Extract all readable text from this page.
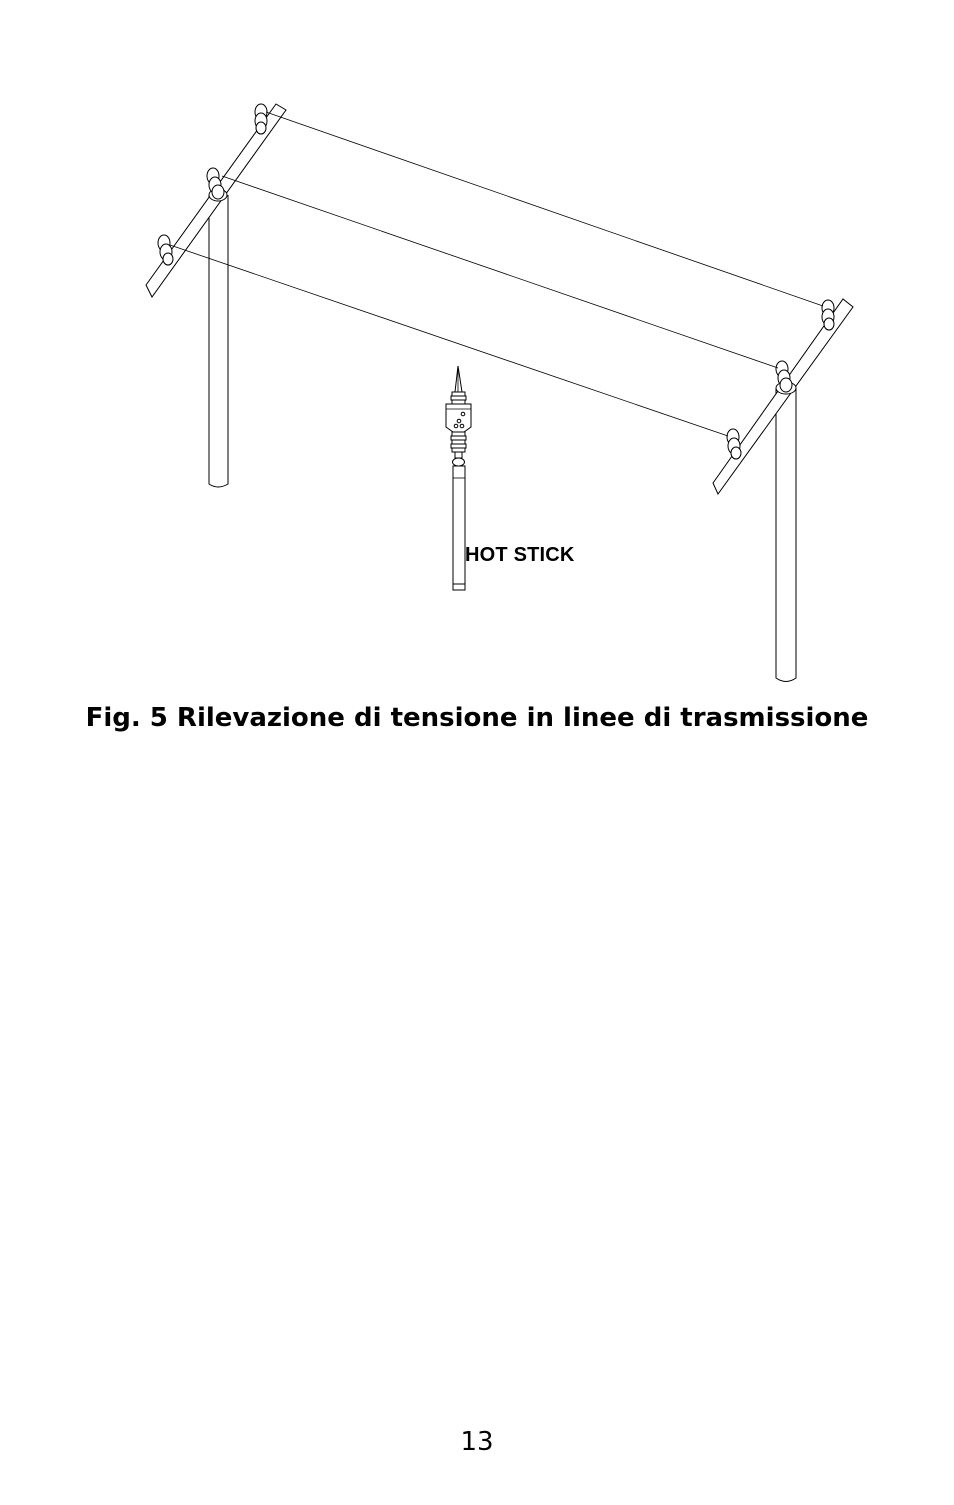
HOT STICK
Fig. 5 Rilevazione di tensione in linee di trasmissione
13
